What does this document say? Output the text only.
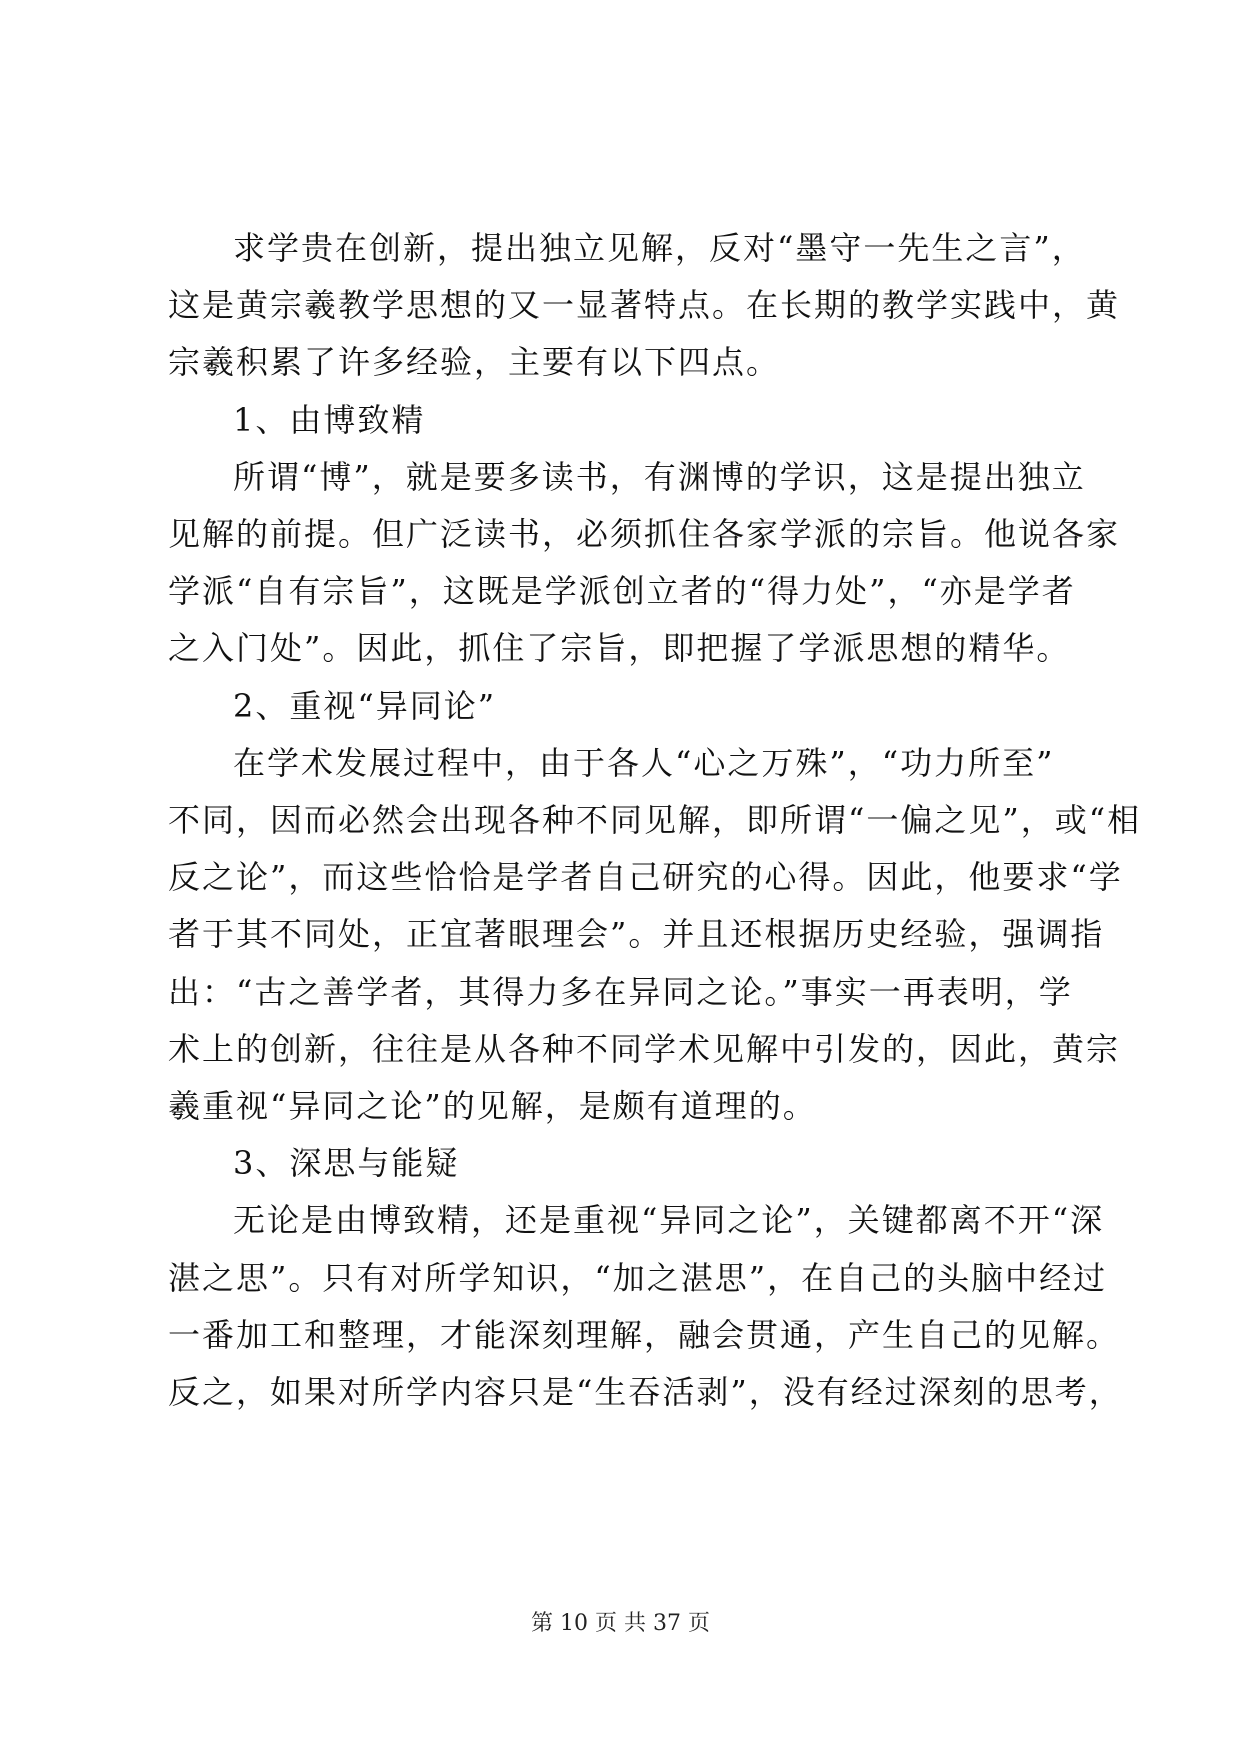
求学贵在创新，提出独立见解，反对“墨守一先生之言”，
这是黄宗羲教学思想的又一显著特点。在长期的教学实践中，黄
宗羲积累了许多经验，主要有以下四点。
1、由博致精
所谓“博”，就是要多读书，有渊博的学识，这是提出独立
见解的前提。但广泛读书，必须抓住各家学派的宗旨。他说各家
学派“自有宗旨”，这既是学派创立者的“得力处”，“亦是学者
之入门处”。因此，抓住了宗旨，即把握了学派思想的精华。
2、重视“异同论”
在学术发展过程中，由于各人“心之万殊”，“功力所至”
不同，因而必然会出现各种不同见解，即所谓“一偏之见”，或“相
反之论”，而这些恰恰是学者自己研究的心得。因此，他要求“学
者于其不同处，正宜著眼理会”。并且还根据历史经验，强调指
出：“古之善学者，其得力多在异同之论。”事实一再表明，学
术上的创新，往往是从各种不同学术见解中引发的，因此，黄宗
羲重视“异同之论”的见解，是颇有道理的。
3、深思与能疑
无论是由博致精，还是重视“异同之论”，关键都离不开“深
湛之思”。只有对所学知识，“加之湛思”，在自己的头脑中经过
一番加工和整理，才能深刻理解，融会贯通，产生自己的见解。
反之，如果对所学内容只是“生吞活剥”，没有经过深刻的思考，
第 10 页 共 37 页
